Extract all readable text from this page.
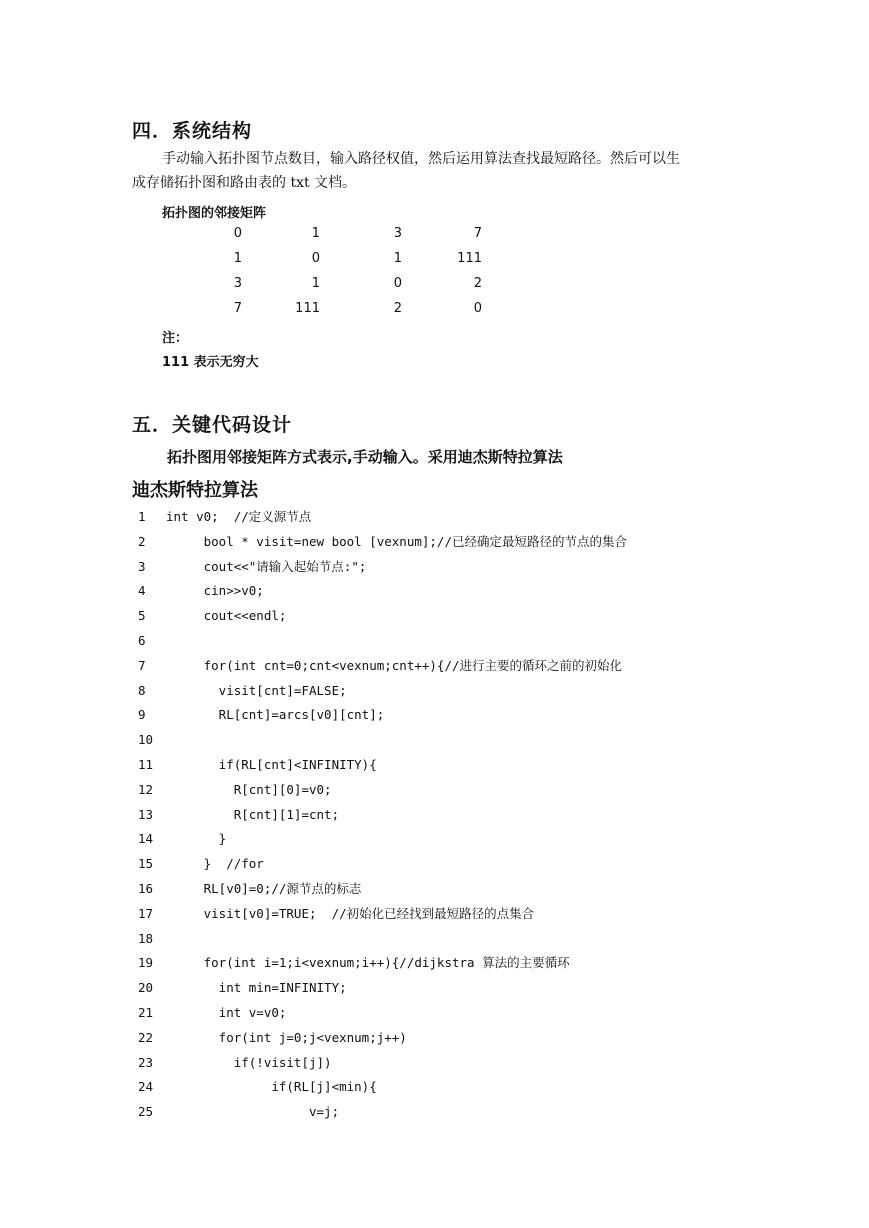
四．系统结构
手动输入拓扑图节点数目，输入路径权值，然后运用算法查找最短路径。然后可以生
成存储拓扑图和路由表的 txt 文档。
拓扑图的邻接矩阵
0	1	3	7
1	0	1	111
3	1	0	2
7	111	2	0
注：
111 表示无穷大
五．关键代码设计
拓扑图用邻接矩阵方式表示,手动输入。采用迪杰斯特拉算法
迪杰斯特拉算法
1	int v0;  //定义源节点
2	bool * visit=new bool [vexnum];//已经确定最短路径的节点的集合
3	cout<<"请输入起始节点:";
4	cin>>v0;
5	cout<<endl;
6
7	for(int cnt=0;cnt<vexnum;cnt++){//进行主要的循环之前的初始化
8	visit[cnt]=FALSE;
9	RL[cnt]=arcs[v0][cnt];
10
11	if(RL[cnt]<INFINITY){
12	R[cnt][0]=v0;
13	R[cnt][1]=cnt;
14	}
15	}  //for
16	RL[v0]=0;//源节点的标志
17	visit[v0]=TRUE;  //初始化已经找到最短路径的点集合
18
19	for(int i=1;i<vexnum;i++){//dijkstra 算法的主要循环
20	int min=INFINITY;
21	int v=v0;
22	for(int j=0;j<vexnum;j++)
23	if(!visit[j])
24	if(RL[j]<min){
25	v=j;
